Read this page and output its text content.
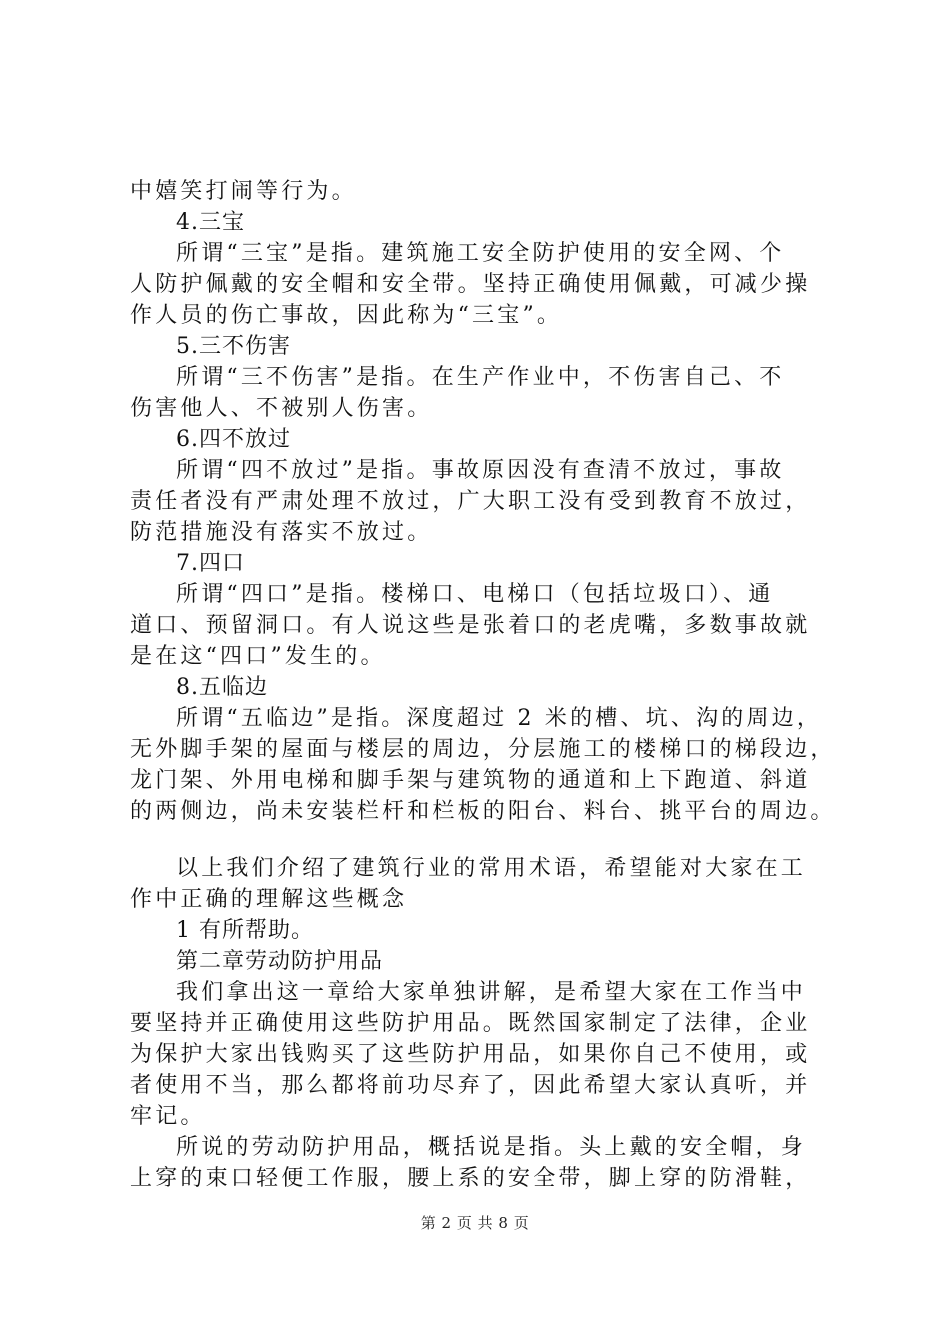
中嬉笑打闹等行为。
4.三宝
所谓“三宝”是指。建筑施工安全防护使用的安全网、个
人防护佩戴的安全帽和安全带。坚持正确使用佩戴，可减少操
作人员的伤亡事故，因此称为“三宝”。
5.三不伤害
所谓“三不伤害”是指。在生产作业中，不伤害自己、不
伤害他人、不被别人伤害。
6.四不放过
所谓“四不放过”是指。事故原因没有查清不放过，事故
责任者没有严肃处理不放过，广大职工没有受到教育不放过，
防范措施没有落实不放过。
7.四口
所谓“四口”是指。楼梯口、电梯口（包括垃圾口）、通
道口、预留洞口。有人说这些是张着口的老虎嘴，多数事故就
是在这“四口”发生的。
8.五临边
所谓“五临边”是指。深度超过 2 米的槽、坑、沟的周边，
无外脚手架的屋面与楼层的周边，分层施工的楼梯口的梯段边，
龙门架、外用电梯和脚手架与建筑物的通道和上下跑道、斜道
的两侧边，尚未安装栏杆和栏板的阳台、料台、挑平台的周边。
以上我们介绍了建筑行业的常用术语，希望能对大家在工
作中正确的理解这些概念
1 有所帮助。
第二章劳动防护用品
我们拿出这一章给大家单独讲解，是希望大家在工作当中
要坚持并正确使用这些防护用品。既然国家制定了法律，企业
为保护大家出钱购买了这些防护用品，如果你自己不使用，或
者使用不当，那么都将前功尽弃了，因此希望大家认真听，并
牢记。
所说的劳动防护用品，概括说是指。头上戴的安全帽，身
上穿的束口轻便工作服，腰上系的安全带，脚上穿的防滑鞋，
第 2 页 共 8 页
